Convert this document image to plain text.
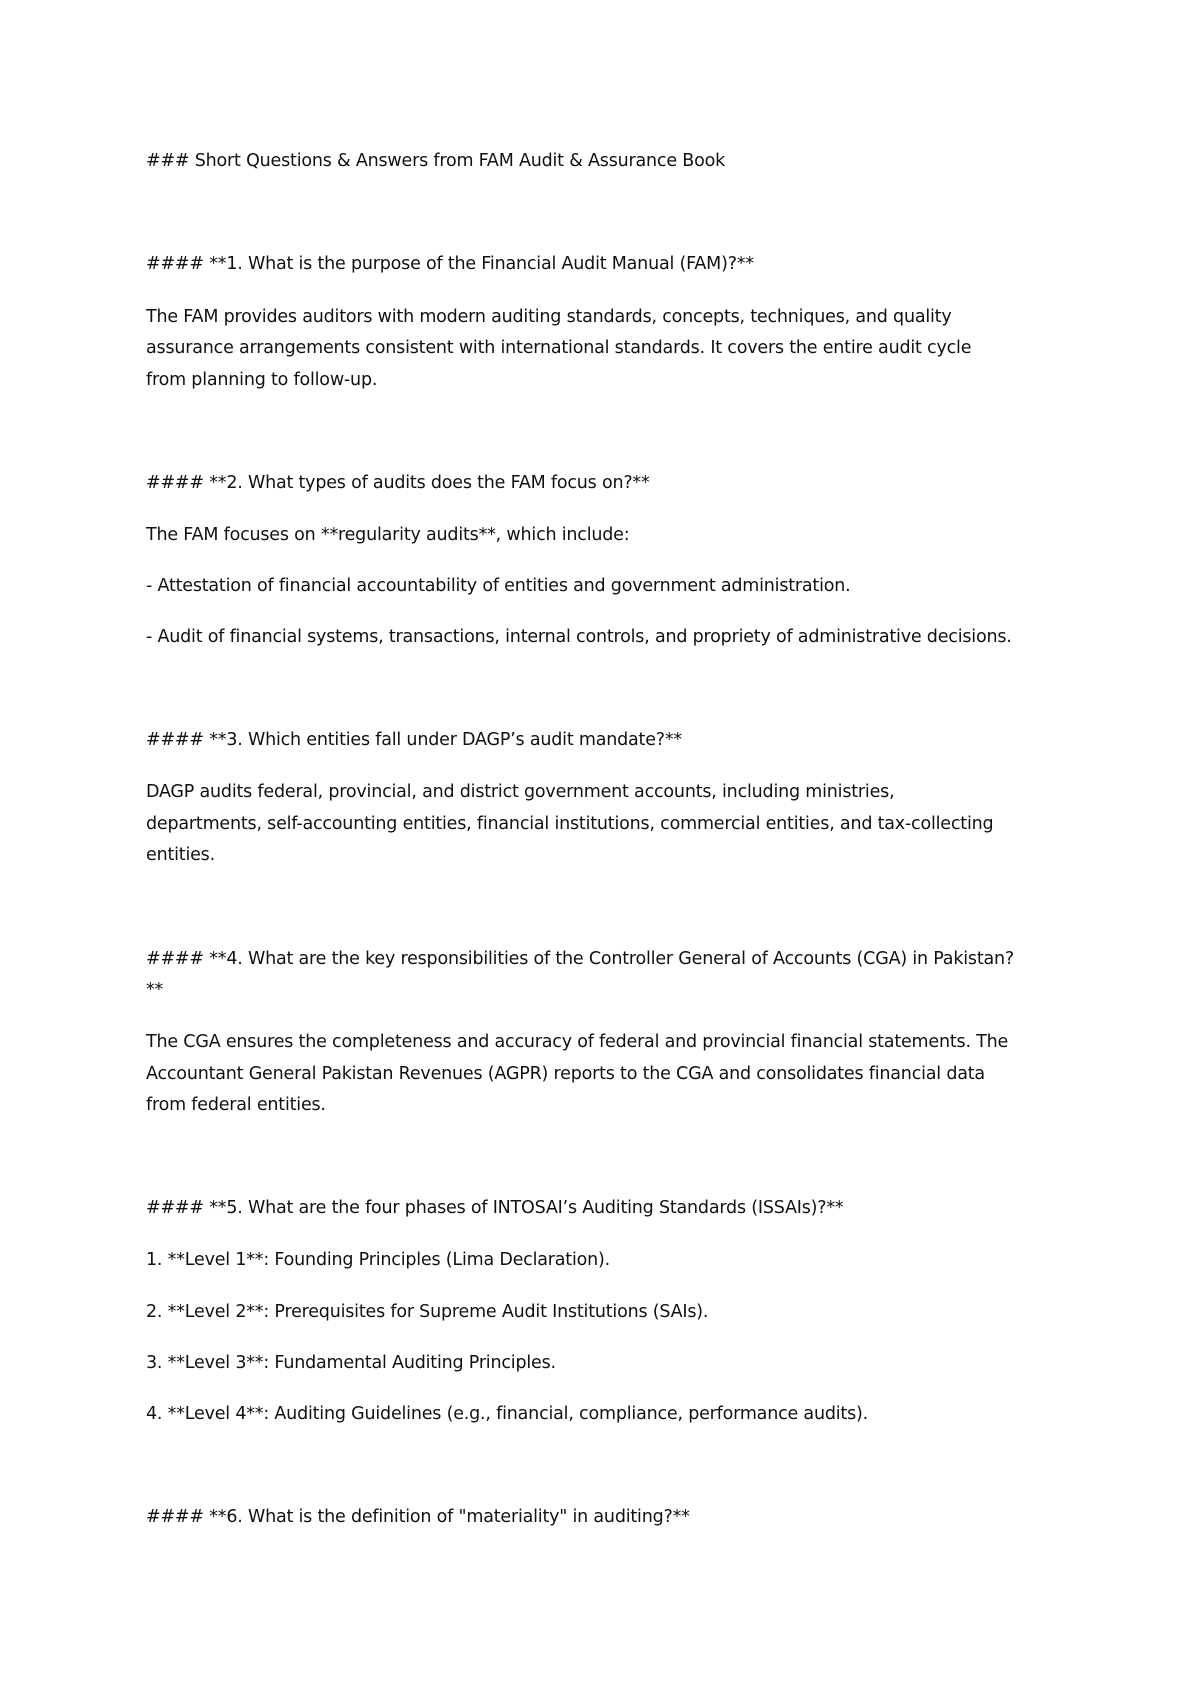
### Short Questions & Answers from FAM Audit & Assurance Book
#### **1. What is the purpose of the Financial Audit Manual (FAM)?**
The FAM provides auditors with modern auditing standards, concepts, techniques, and quality
assurance arrangements consistent with international standards. It covers the entire audit cycle
from planning to follow-up.
#### **2. What types of audits does the FAM focus on?**
The FAM focuses on **regularity audits**, which include:
- Attestation of financial accountability of entities and government administration.
- Audit of financial systems, transactions, internal controls, and propriety of administrative decisions.
#### **3. Which entities fall under DAGP’s audit mandate?**
DAGP audits federal, provincial, and district government accounts, including ministries,
departments, self-accounting entities, financial institutions, commercial entities, and tax-collecting
entities.
#### **4. What are the key responsibilities of the Controller General of Accounts (CGA) in Pakistan?
**
The CGA ensures the completeness and accuracy of federal and provincial financial statements. The
Accountant General Pakistan Revenues (AGPR) reports to the CGA and consolidates financial data
from federal entities.
#### **5. What are the four phases of INTOSAI’s Auditing Standards (ISSAIs)?**
1. **Level 1**: Founding Principles (Lima Declaration).
2. **Level 2**: Prerequisites for Supreme Audit Institutions (SAIs).
3. **Level 3**: Fundamental Auditing Principles.
4. **Level 4**: Auditing Guidelines (e.g., financial, compliance, performance audits).
#### **6. What is the definition of "materiality" in auditing?**
